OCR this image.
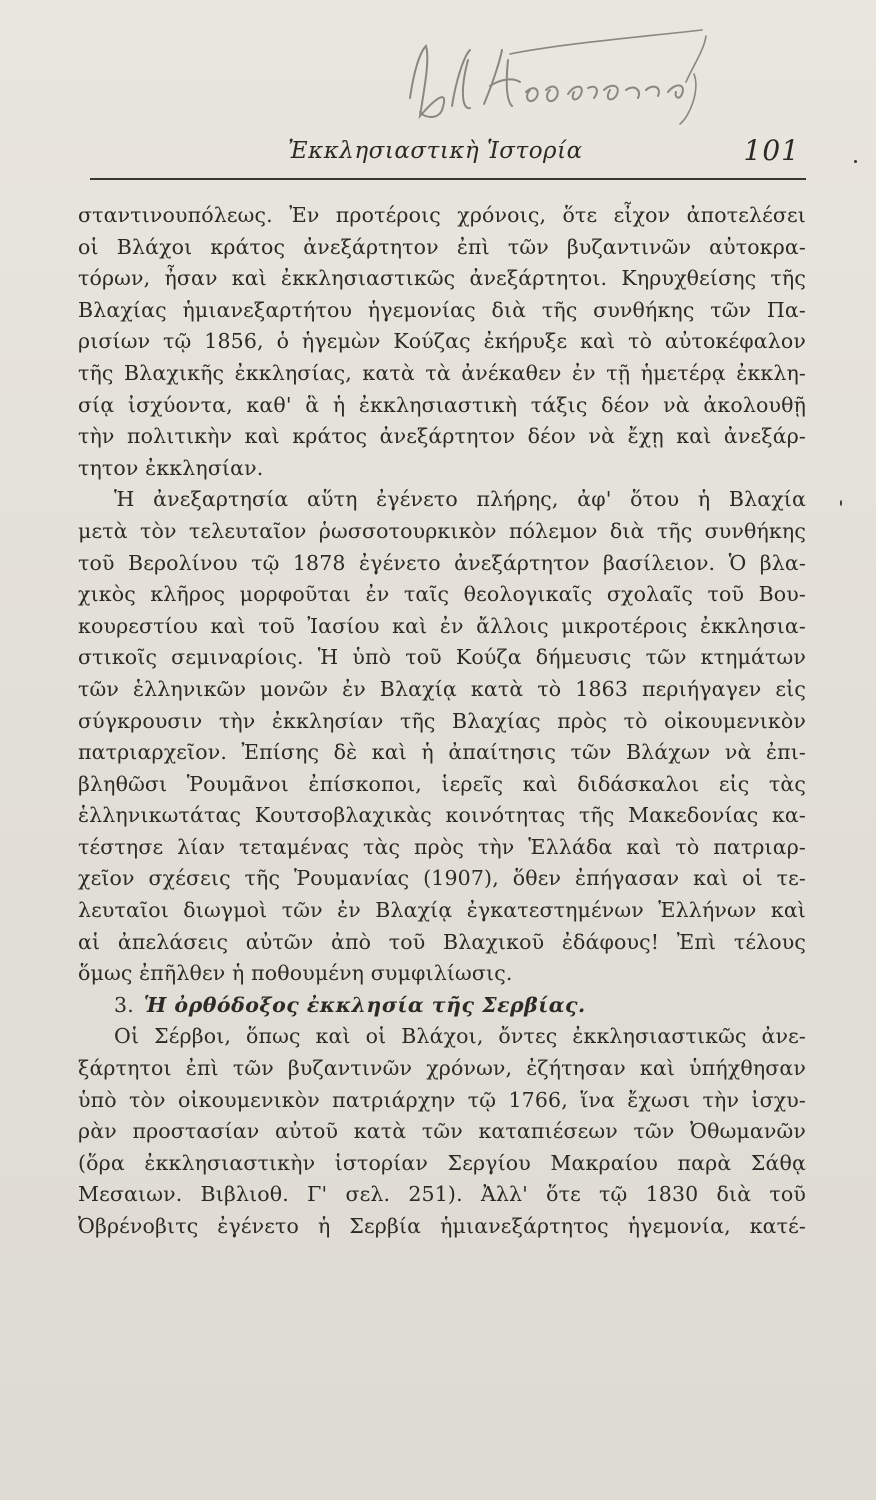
Ἐκκλησιαστικὴ Ἱστορία	101
σταντινουπόλεως. Ἐν προτέροις χρόνοις, ὅτε εἶχον ἀποτελέσει
οἱ Βλάχοι κράτος ἀνεξάρτητον ἐπὶ τῶν βυζαντινῶν αὐτοκρα-
τόρων, ἦσαν καὶ ἐκκλησιαστικῶς ἀνεξάρτητοι. Κηρυχθείσης τῆς
Βλαχίας ἡμιανεξαρτήτου ἡγεμονίας διὰ τῆς συνθήκης τῶν Πα-
ρισίων τῷ 1856, ὁ ἡγεμὼν Κούζας ἐκήρυξε καὶ τὸ αὐτοκέφαλον
τῆς Βλαχικῆς ἐκκλησίας, κατὰ τὰ ἀνέκαθεν ἐν τῇ ἡμετέρᾳ ἐκκλη-
σίᾳ ἰσχύοντα, καθ' ἃ ἡ ἐκκλησιαστικὴ τάξις δέον νὰ ἀκολουθῇ
τὴν πολιτικὴν καὶ κράτος ἀνεξάρτητον δέον νὰ ἔχῃ καὶ ἀνεξάρ-
τητον ἐκκλησίαν.
Ἡ ἀνεξαρτησία αὕτη ἐγένετο πλήρης, ἀφ' ὅτου ἡ Βλαχία
μετὰ τὸν τελευταῖον ῥωσσοτουρκικὸν πόλεμον διὰ τῆς συνθήκης
τοῦ Βερολίνου τῷ 1878 ἐγένετο ἀνεξάρτητον βασίλειον. Ὁ βλα-
χικὸς κλῆρος μορφοῦται ἐν ταῖς θεολογικαῖς σχολαῖς τοῦ Βου-
κουρεστίου καὶ τοῦ Ἰασίου καὶ ἐν ἄλλοις μικροτέροις ἐκκλησια-
στικοῖς σεμιναρίοις. Ἡ ὑπὸ τοῦ Κούζα δήμευσις τῶν κτημάτων
τῶν ἑλληνικῶν μονῶν ἐν Βλαχίᾳ κατὰ τὸ 1863 περιήγαγεν εἰς
σύγκρουσιν τὴν ἐκκλησίαν τῆς Βλαχίας πρὸς τὸ οἰκουμενικὸν
πατριαρχεῖον. Ἐπίσης δὲ καὶ ἡ ἀπαίτησις τῶν Βλάχων νὰ ἐπι-
βληθῶσι Ῥουμᾶνοι ἐπίσκοποι, ἱερεῖς καὶ διδάσκαλοι εἰς τὰς
ἑλληνικωτάτας Κουτσοβλαχικὰς κοινότητας τῆς Μακεδονίας κα-
τέστησε λίαν τεταμένας τὰς πρὸς τὴν Ἑλλάδα καὶ τὸ πατριαρ-
χεῖον σχέσεις τῆς Ῥουμανίας (1907), ὅθεν ἐπήγασαν καὶ οἱ τε-
λευταῖοι διωγμοὶ τῶν ἐν Βλαχίᾳ ἐγκατεστημένων Ἑλλήνων καὶ
αἱ ἀπελάσεις αὐτῶν ἀπὸ τοῦ Βλαχικοῦ ἐδάφους! Ἐπὶ τέλους
ὅμως ἐπῆλθεν ἡ ποθουμένη συμφιλίωσις.
3. Ἡ ὀρθόδοξος ἐκκλησία τῆς Σερβίας.
Οἱ Σέρβοι, ὅπως καὶ οἱ Βλάχοι, ὄντες ἐκκλησιαστικῶς ἀνε-
ξάρτητοι ἐπὶ τῶν βυζαντινῶν χρόνων, ἐζήτησαν καὶ ὑπήχθησαν
ὑπὸ τὸν οἰκουμενικὸν πατριάρχην τῷ 1766, ἵνα ἔχωσι τὴν ἰσχυ-
ρὰν προστασίαν αὐτοῦ κατὰ τῶν καταπιέσεων τῶν Ὀθωμανῶν
(ὅρα ἐκκλησιαστικὴν ἱστορίαν Σεργίου Μακραίου παρὰ Σάθᾳ
Μεσαιων. Βιβλιοθ. Γ' σελ. 251). Ἀλλ' ὅτε τῷ 1830 διὰ τοῦ
Ὀβρένοβιτς ἐγένετο ἡ Σερβία ἡμιανεξάρτητος ἡγεμονία, κατέ-
